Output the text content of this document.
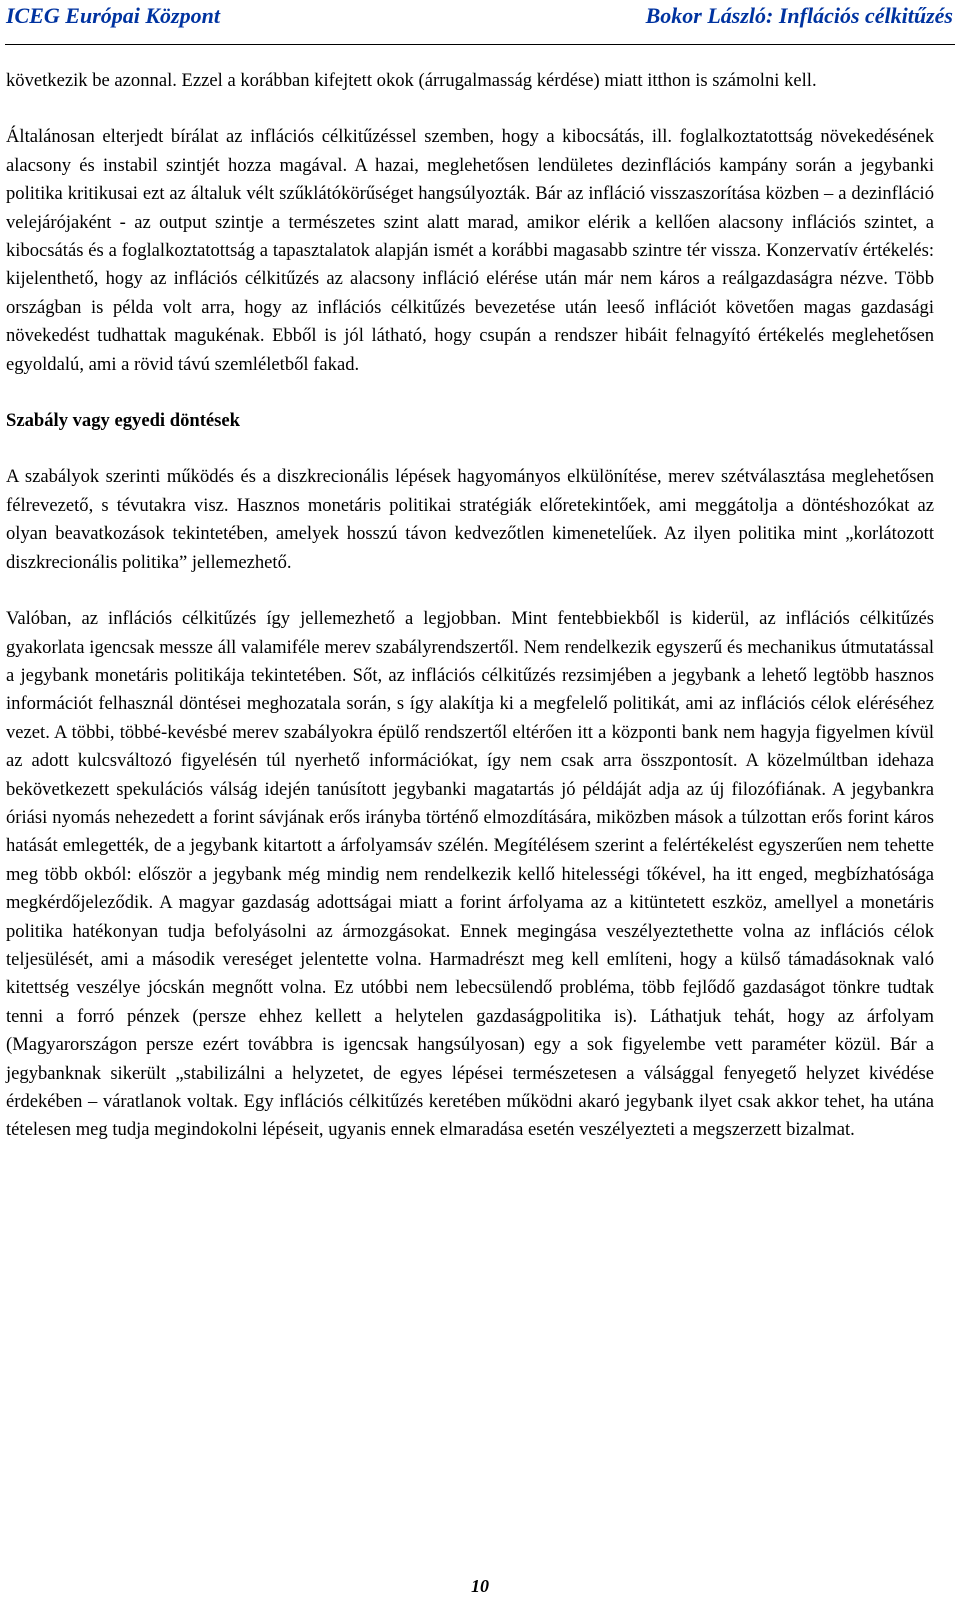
ICEG Európai Központ	Bokor László: Inflációs célkitűzés

következik be azonnal. Ezzel a korábban kifejtett okok (árrugalmasság kérdése) miatt itthon is számolni kell.

Általánosan elterjedt bírálat az inflációs célkitűzéssel szemben, hogy a kibocsátás, ill. foglalkoztatottság növekedésének alacsony és instabil szintjét hozza magával. A hazai, meglehetősen lendületes dezinflációs kampány során a jegybanki politika kritikusai ezt az általuk vélt szűklátókörűséget hangsúlyozták. Bár az infláció visszaszorítása közben – a dezinfláció velejárójaként - az output szintje a természetes szint alatt marad, amikor elérik a kellően alacsony inflációs szintet, a kibocsátás és a foglalkoztatottság a tapasztalatok alapján ismét a korábbi magasabb szintre tér vissza. Konzervatív értékelés: kijelenthető, hogy az inflációs célkitűzés az alacsony infláció elérése után már nem káros a reálgazdaságra nézve. Több országban is példa volt arra, hogy az inflációs célkitűzés bevezetése után leeső inflációt követően magas gazdasági növekedést tudhattak magukénak. Ebből is jól látható, hogy csupán a rendszer hibáit felnagyító értékelés meglehetősen egyoldalú, ami a rövid távú szemléletből fakad.

Szabály vagy egyedi döntések

A szabályok szerinti működés és a diszkrecionális lépések hagyományos elkülönítése, merev szétválasztása meglehetősen félrevezető, s tévutakra visz. Hasznos monetáris politikai stratégiák előretekintőek, ami meggátolja a döntéshozókat az olyan beavatkozások tekintetében, amelyek hosszú távon kedvezőtlen kimenetelűek. Az ilyen politika mint „korlátozott diszkrecionális politika” jellemezhető.

Valóban, az inflációs célkitűzés így jellemezhető a legjobban. Mint fentebbiekből is kiderül, az inflációs célkitűzés gyakorlata igencsak messze áll valamiféle merev szabályrendszertől. Nem rendelkezik egyszerű és mechanikus útmutatással a jegybank monetáris politikája tekintetében. Sőt, az inflációs célkitűzés rezsimjében a jegybank a lehető legtöbb hasznos információt felhasznál döntései meghozatala során, s így alakítja ki a megfelelő politikát, ami az inflációs célok eléréséhez vezet. A többi, többé-kevésbé merev szabályokra épülő rendszertől eltérően itt a központi bank nem hagyja figyelmen kívül az adott kulcsváltozó figyelésén túl nyerhető információkat, így nem csak arra összpontosít. A közelmúltban idehaza bekövetkezett spekulációs válság idején tanúsított jegybanki magatartás jó példáját adja az új filozófiának. A jegybankra óriási nyomás nehezedett a forint sávjának erős irányba történő elmozdítására, miközben mások a túlzottan erős forint káros hatását emlegették, de a jegybank kitartott a árfolyamsáv szélén. Megítélésem szerint a felértékelést egyszerűen nem tehette meg több okból: először a jegybank még mindig nem rendelkezik kellő hitelességi tőkével, ha itt enged, megbízhatósága megkérdőjeleződik. A magyar gazdaság adottságai miatt a forint árfolyama az a kitüntetett eszköz, amellyel a monetáris politika hatékonyan tudja befolyásolni az ármozgásokat. Ennek megingása veszélyeztethette volna az inflációs célok teljesülését, ami a második vereséget jelentette volna. Harmadrészt meg kell említeni, hogy a külső támadásoknak való kitettség veszélye jócskán megnőtt volna. Ez utóbbi nem lebecsülendő probléma, több fejlődő gazdaságot tönkre tudtak tenni a forró pénzek (persze ehhez kellett a helytelen gazdaságpolitika is). Láthatjuk tehát, hogy az árfolyam (Magyarországon persze ezért továbbra is igencsak hangsúlyosan) egy a sok figyelembe vett paraméter közül. Bár a jegybanknak sikerült „stabilizálni a helyzetet, de egyes lépései természetesen a válsággal fenyegető helyzet kivédése érdekében – váratlanok voltak. Egy inflációs célkitűzés keretében működni akaró jegybank ilyet csak akkor tehet, ha utána tételesen meg tudja megindokolni lépéseit, ugyanis ennek elmaradása esetén veszélyezteti a megszerzett bizalmat.

10
